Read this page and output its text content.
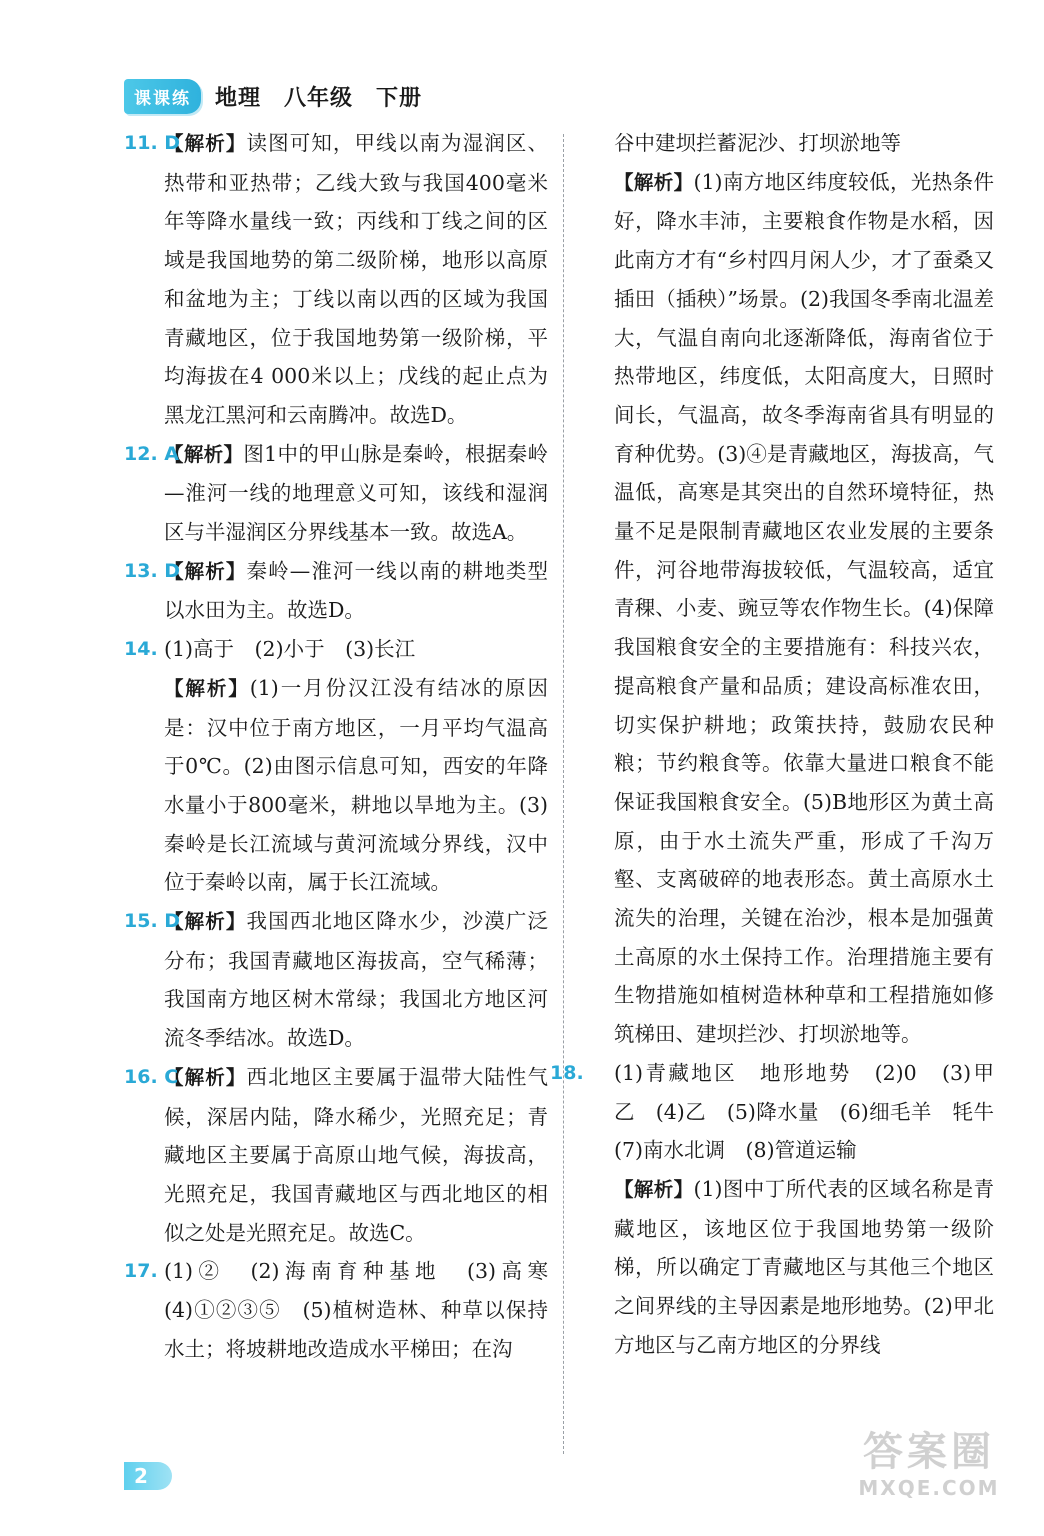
课课练	地理　八年级　下册
11. D
【解析】读图可知，甲线以南为湿润区、热带和亚热带；乙线大致与我国400毫米年等降水量线一致；丙线和丁线之间的区域是我国地势的第二级阶梯，地形以高原和盆地为主；丁线以南以西的区域为我国青藏地区，位于我国地势第一级阶梯，平均海拔在4 000米以上；戊线的起止点为黑龙江黑河和云南腾冲。故选D。
12. A
【解析】图1中的甲山脉是秦岭，根据秦岭—淮河一线的地理意义可知，该线和湿润区与半湿润区分界线基本一致。故选A。
13. D
【解析】秦岭—淮河一线以南的耕地类型以水田为主。故选D。
14. (1)高于　(2)小于　(3)长江
【解析】(1)一月份汉江没有结冰的原因是：汉中位于南方地区，一月平均气温高于0℃。(2)由图示信息可知，西安的年降水量小于800毫米，耕地以旱地为主。(3)秦岭是长江流域与黄河流域分界线，汉中位于秦岭以南，属于长江流域。
15. D
【解析】我国西北地区降水少，沙漠广泛分布；我国青藏地区海拔高，空气稀薄；我国南方地区树木常绿；我国北方地区河流冬季结冰。故选D。
16. C
【解析】西北地区主要属于温带大陆性气候，深居内陆，降水稀少，光照充足；青藏地区主要属于高原山地气候，海拔高，光照充足，我国青藏地区与西北地区的相似之处是光照充足。故选C。
17. (1)②　(2)海南育种基地　(3)高寒　(4)①②③⑤　(5)植树造林、种草以保持水土；将坡耕地改造成水平梯田；在沟
谷中建坝拦蓄泥沙、打坝淤地等
【解析】(1)南方地区纬度较低，光热条件好，降水丰沛，主要粮食作物是水稻，因此南方才有“乡村四月闲人少，才了蚕桑又插田（插秧）”场景。(2)我国冬季南北温差大，气温自南向北逐渐降低，海南省位于热带地区，纬度低，太阳高度大，日照时间长，气温高，故冬季海南省具有明显的育种优势。(3)④是青藏地区，海拔高，气温低，高寒是其突出的自然环境特征，热量不足是限制青藏地区农业发展的主要条件，河谷地带海拔较低，气温较高，适宜青稞、小麦、豌豆等农作物生长。(4)保障我国粮食安全的主要措施有：科技兴农，提高粮食产量和品质；建设高标准农田，切实保护耕地；政策扶持，鼓励农民种粮；节约粮食等。依靠大量进口粮食不能保证我国粮食安全。(5)B地形区为黄土高原，由于水土流失严重，形成了千沟万壑、支离破碎的地表形态。黄土高原水土流失的治理，关键在治沙，根本是加强黄土高原的水土保持工作。治理措施主要有生物措施如植树造林种草和工程措施如修筑梯田、建坝拦沙、打坝淤地等。
18. (1)青藏地区　地形地势　(2)0　(3)甲　乙　(4)乙　(5)降水量　(6)细毛羊　牦牛　(7)南水北调　(8)管道运输
【解析】(1)图中丁所代表的区域名称是青藏地区，该地区位于我国地势第一级阶梯，所以确定丁青藏地区与其他三个地区之间界线的主导因素是地形地势。(2)甲北方地区与乙南方地区的分界线
2
答案圈
MXQE.COM
